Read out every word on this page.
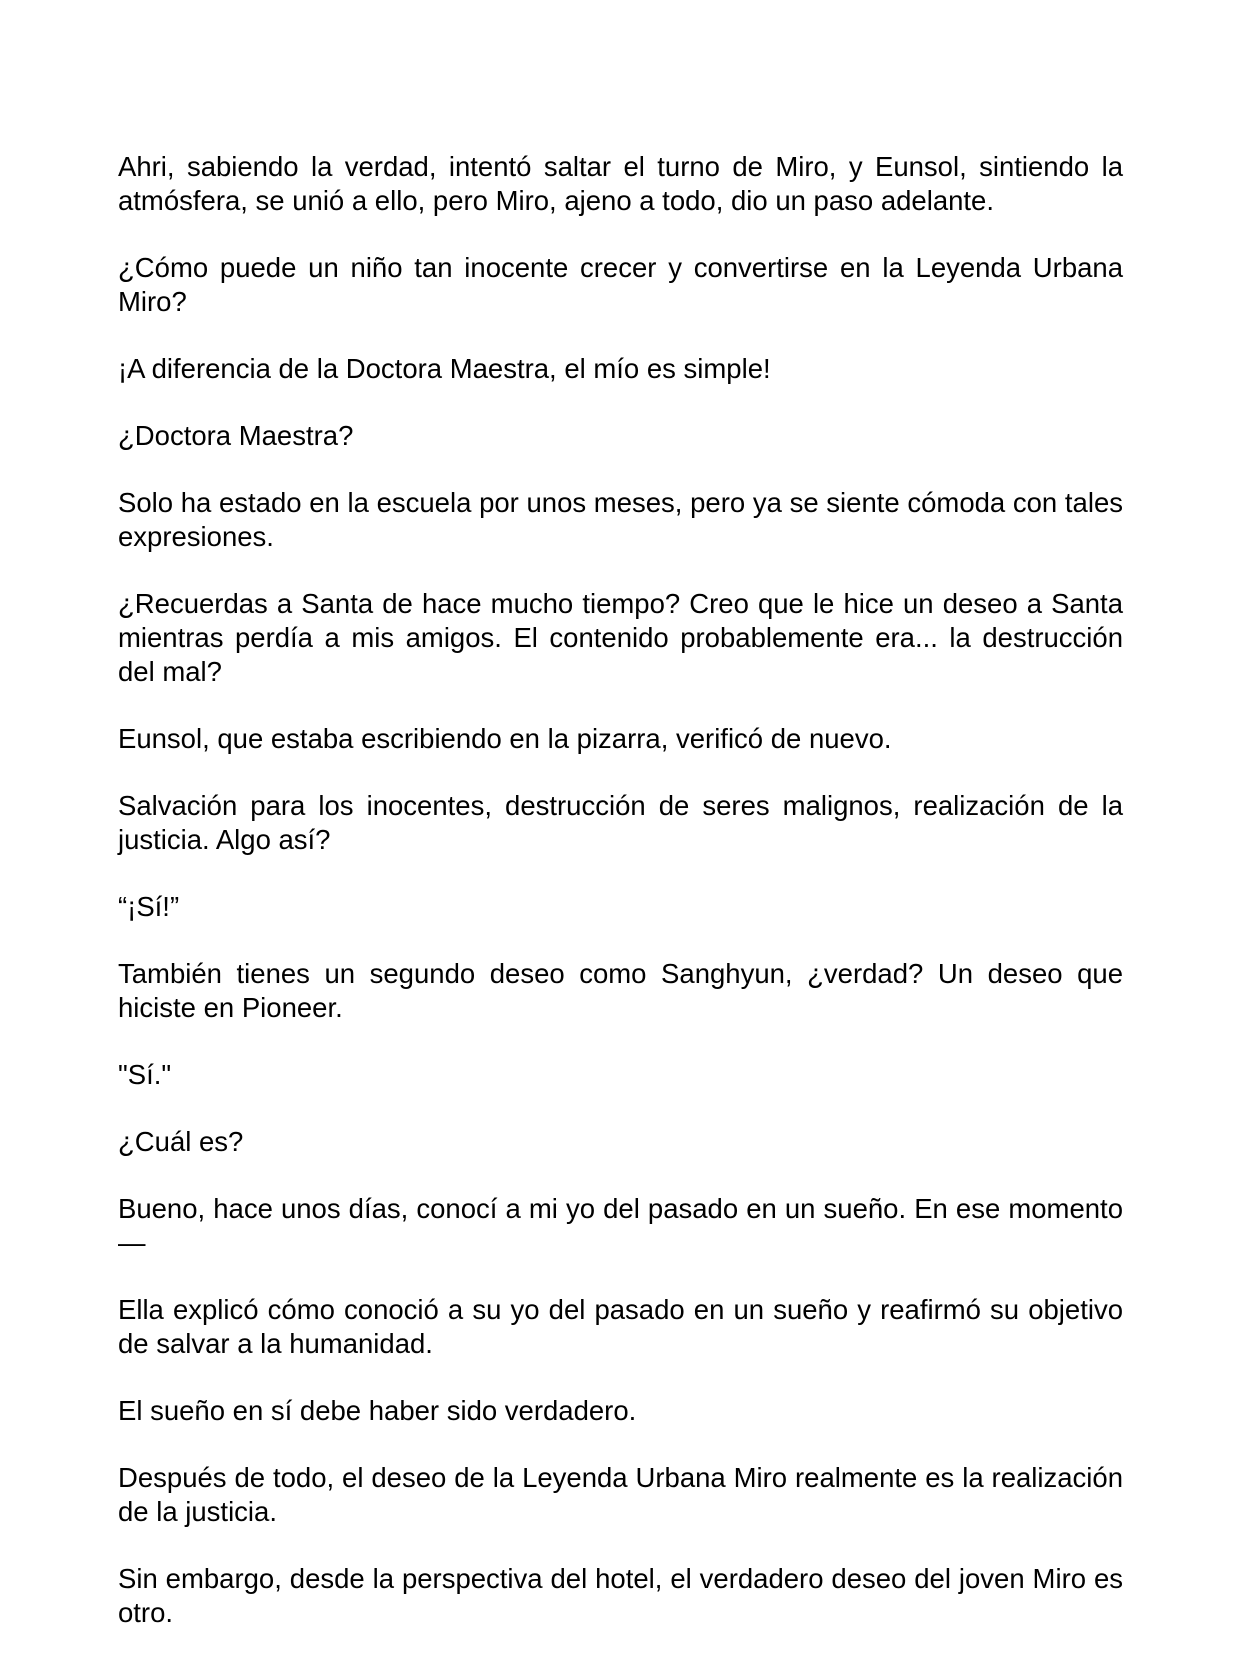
Ahri, sabiendo la verdad, intentó saltar el turno de Miro, y Eunsol, sintiendo la atmósfera, se unió a ello, pero Miro, ajeno a todo, dio un paso adelante.

¿Cómo puede un niño tan inocente crecer y convertirse en la Leyenda Urbana Miro?

¡A diferencia de la Doctora Maestra, el mío es simple!

¿Doctora Maestra?

Solo ha estado en la escuela por unos meses, pero ya se siente cómoda con tales expresiones.

¿Recuerdas a Santa de hace mucho tiempo? Creo que le hice un deseo a Santa mientras perdía a mis amigos. El contenido probablemente era... la destrucción del mal?

Eunsol, que estaba escribiendo en la pizarra, verificó de nuevo.

Salvación para los inocentes, destrucción de seres malignos, realización de la justicia. Algo así?

“¡Sí!”

También tienes un segundo deseo como Sanghyun, ¿verdad? Un deseo que hiciste en Pioneer.

"Sí."

¿Cuál es?

Bueno, hace unos días, conocí a mi yo del pasado en un sueño. En ese momento—

Ella explicó cómo conoció a su yo del pasado en un sueño y reafirmó su objetivo de salvar a la humanidad.

El sueño en sí debe haber sido verdadero.

Después de todo, el deseo de la Leyenda Urbana Miro realmente es la realización de la justicia.

Sin embargo, desde la perspectiva del hotel, el verdadero deseo del joven Miro es otro.
